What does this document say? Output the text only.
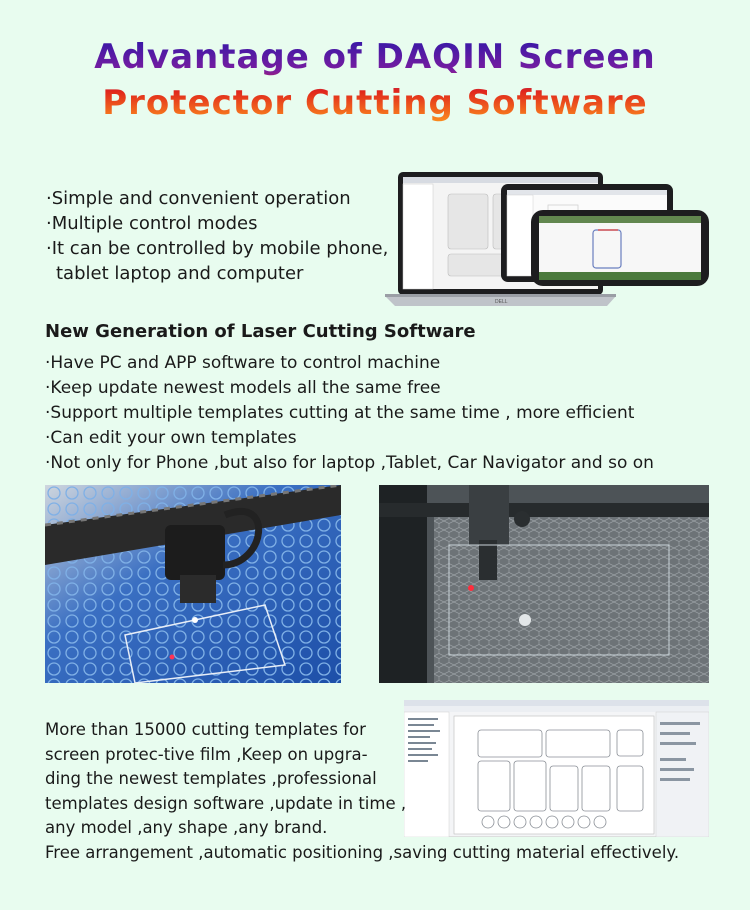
Advantage of DAQIN Screen
Protector Cutting Software
·Simple and convenient operation
·Multiple control modes
·It can be controlled by mobile phone,
tablet laptop and computer
DELL
New Generation of Laser Cutting Software
·Have PC and APP software to control machine
·Keep update newest models all the same free
·Support multiple templates cutting at the same time , more efficient
·Can edit your own templates
·Not only for Phone ,but also for laptop ,Tablet, Car Navigator and so on
More than 15000 cutting templates for
screen protec-tive film ,Keep on upgra-
ding the newest templates ,professional
templates design software ,update in time ,
any model ,any shape ,any brand.
Free arrangement ,automatic positioning ,saving cutting material effectively.
